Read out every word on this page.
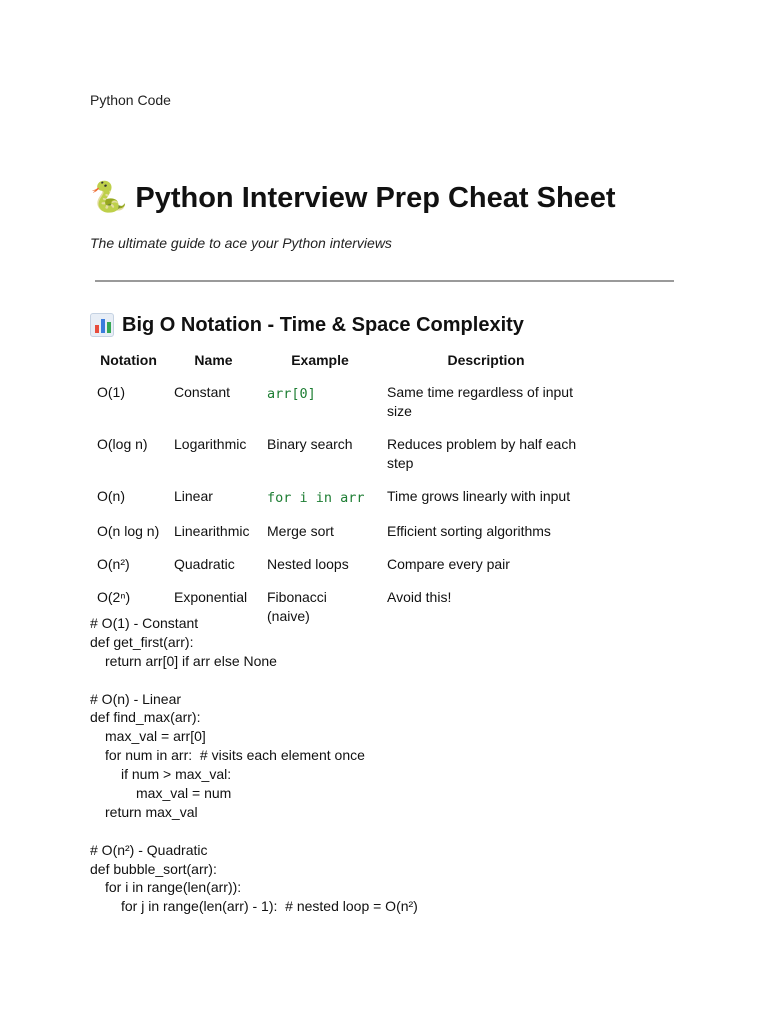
Python Code
🐍 Python Interview Prep Cheat Sheet
The ultimate guide to ace your Python interviews
Big O Notation - Time & Space Complexity
Notation	Name	Example	Description
O(1)	Constant	arr[0]	Same time regardless of input size
O(log n)	Logarithmic	Binary search	Reduces problem by half each step
O(n)	Linear	for i in arr	Time grows linearly with input
O(n log n)	Linearithmic	Merge sort	Efficient sorting algorithms
O(n²)	Quadratic	Nested loops	Compare every pair
O(2ⁿ)	Exponential	Fibonacci (naive)	Avoid this!
# O(1) - Constant
def get_first(arr):
return arr[0] if arr else None
# O(n) - Linear
def find_max(arr):
max_val = arr[0]
for num in arr:  # visits each element once
if num > max_val:
max_val = num
return max_val
# O(n²) - Quadratic
def bubble_sort(arr):
for i in range(len(arr)):
for j in range(len(arr) - 1):  # nested loop = O(n²)
